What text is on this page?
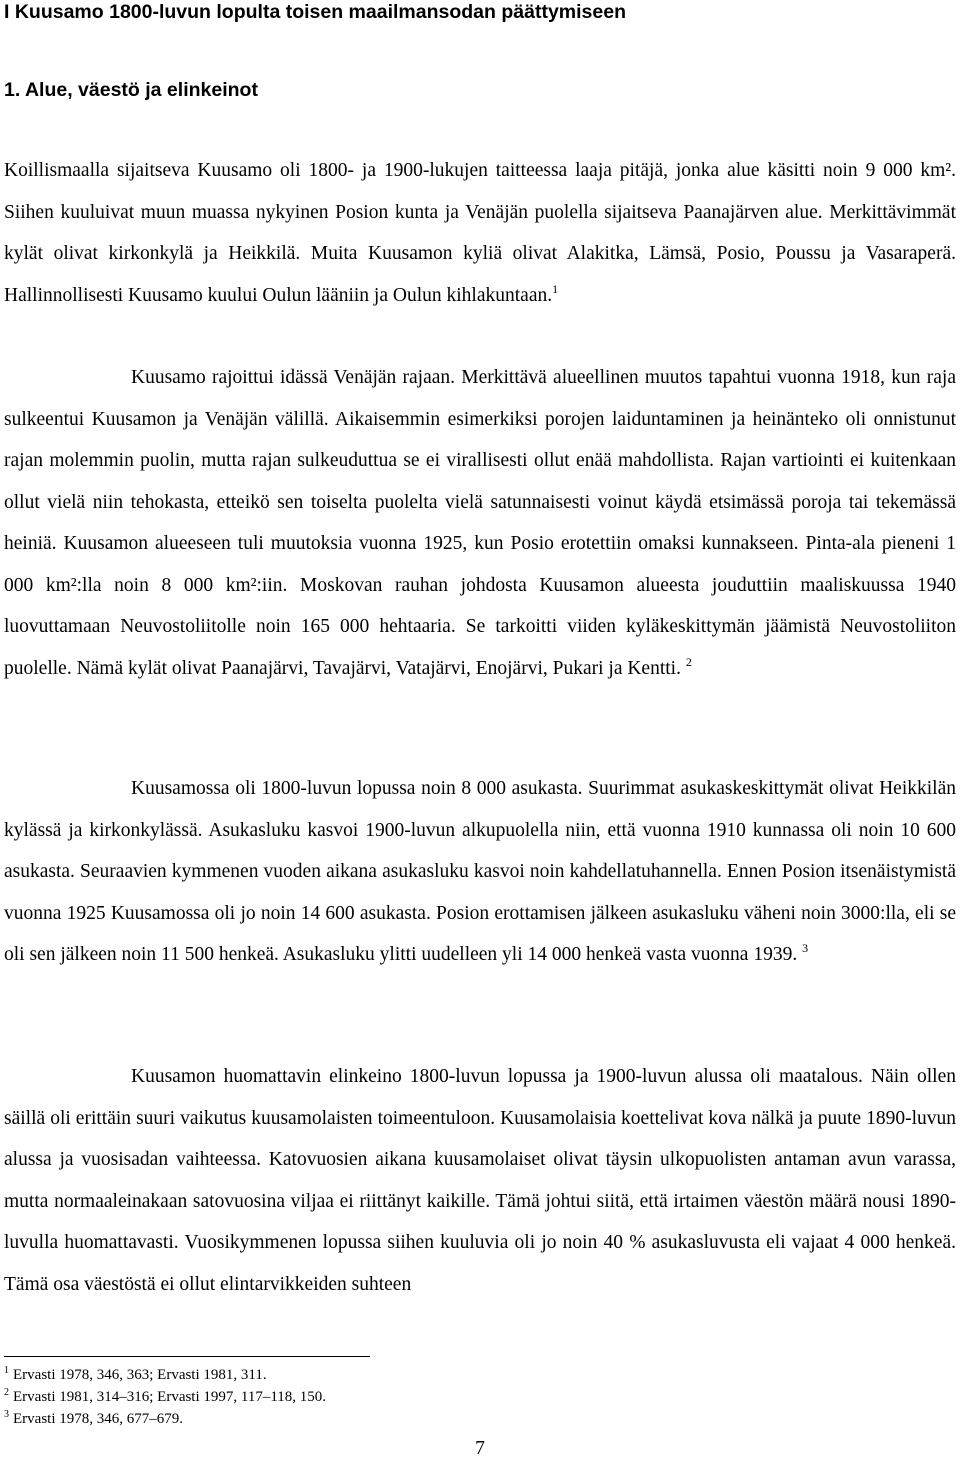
I Kuusamo 1800-luvun lopulta toisen maailmansodan päättymiseen
1. Alue, väestö ja elinkeinot

Koillismaalla sijaitseva Kuusamo oli 1800- ja 1900-lukujen taitteessa laaja pitäjä, jonka alue käsitti noin 9 000 km². Siihen kuuluivat muun muassa nykyinen Posion kunta ja Venäjän puolella sijaitseva Paanajärven alue. Merkittävimmät kylät olivat kirkonkylä ja Heikkilä. Muita Kuusamon kyliä olivat Alakitka, Lämsä, Posio, Poussu ja Vasaraperä. Hallinnollisesti Kuusamo kuului Oulun lääniin ja Oulun kihlakuntaan.$^1$

Kuusamo rajoittui idässä Venäjän rajaan. Merkittävä alueellinen muutos tapahtui vuonna 1918, kun raja sulkeentui Kuusamon ja Venäjän välillä. Aikaisemmin esimerkiksi porojen laiduntaminen ja heinänteko oli onnistunut rajan molemmin puolin, mutta rajan sulkeuduttua se ei virallisesti ollut enää mahdollista. Rajan vartiointi ei kuitenkaan ollut vielä niin tehokasta, etteikö sen toiselta puolelta vielä satunnaisesti voinut käydä etsimässä poroja tai tekemässä heiniä. Kuusamon alueeseen tuli muutoksia vuonna 1925, kun Posio erotettiin omaksi kunnakseen. Pinta-ala pieneni 1 000 km²:lla noin 8 000 km²:iin. Moskovan rauhan johdosta Kuusamon alueesta jouduttiin maaliskuussa 1940 luovuttamaan Neuvostoliitolle noin 165 000 hehtaaria. Se tarkoitti viiden kyläkeskittymän jäämistä Neuvostoliiton puolelle. Nämä kylät olivat Paanajärvi, Tavajärvi, Vatajärvi, Enojärvi, Pukari ja Kentti. $^2$

Kuusamossa oli 1800-luvun lopussa noin 8 000 asukasta. Suurimmat asukaskeskittymät olivat Heikkilän kylässä ja kirkonkylässä. Asukasluku kasvoi 1900-luvun alkupuolella niin, että vuonna 1910 kunnassa oli noin 10 600 asukasta. Seuraavien kymmenen vuoden aikana asukasluku kasvoi noin kahdellatuhannella. Ennen Posion itsenäistymistä vuonna 1925 Kuusamossa oli jo noin 14 600 asukasta. Posion erottamisen jälkeen asukasluku väheni noin 3000:lla, eli se oli sen jälkeen noin 11 500 henkeä. Asukasluku ylitti uudelleen yli 14 000 henkeä vasta vuonna 1939. $^3$

Kuusamon huomattavin elinkeino 1800-luvun lopussa ja 1900-luvun alussa oli maatalous. Näin ollen säillä oli erittäin suuri vaikutus kuusamolaisten toimeentuloon. Kuusamolaisia koettelivat kova nälkä ja puute 1890-luvun alussa ja vuosisadan vaihteessa. Katovuosien aikana kuusamolaiset olivat täysin ulkopuolisten antaman avun varassa, mutta normaaleinakaan satovuosina viljaa ei riittänyt kaikille. Tämä johtui siitä, että irtaimen väestön määrä nousi 1890-luvulla huomattavasti. Vuosikymmenen lopussa siihen kuuluvia oli jo noin 40 % asukasluvusta eli vajaat 4 000 henkeä. Tämä osa väestöstä ei ollut elintarvikkeiden suhteen

$^1$ Ervasti 1978, 346, 363; Ervasti 1981, 311.
$^2$ Ervasti 1981, 314–316; Ervasti 1997, 117–118, 150.
$^3$ Ervasti 1978, 346, 677–679.
7
